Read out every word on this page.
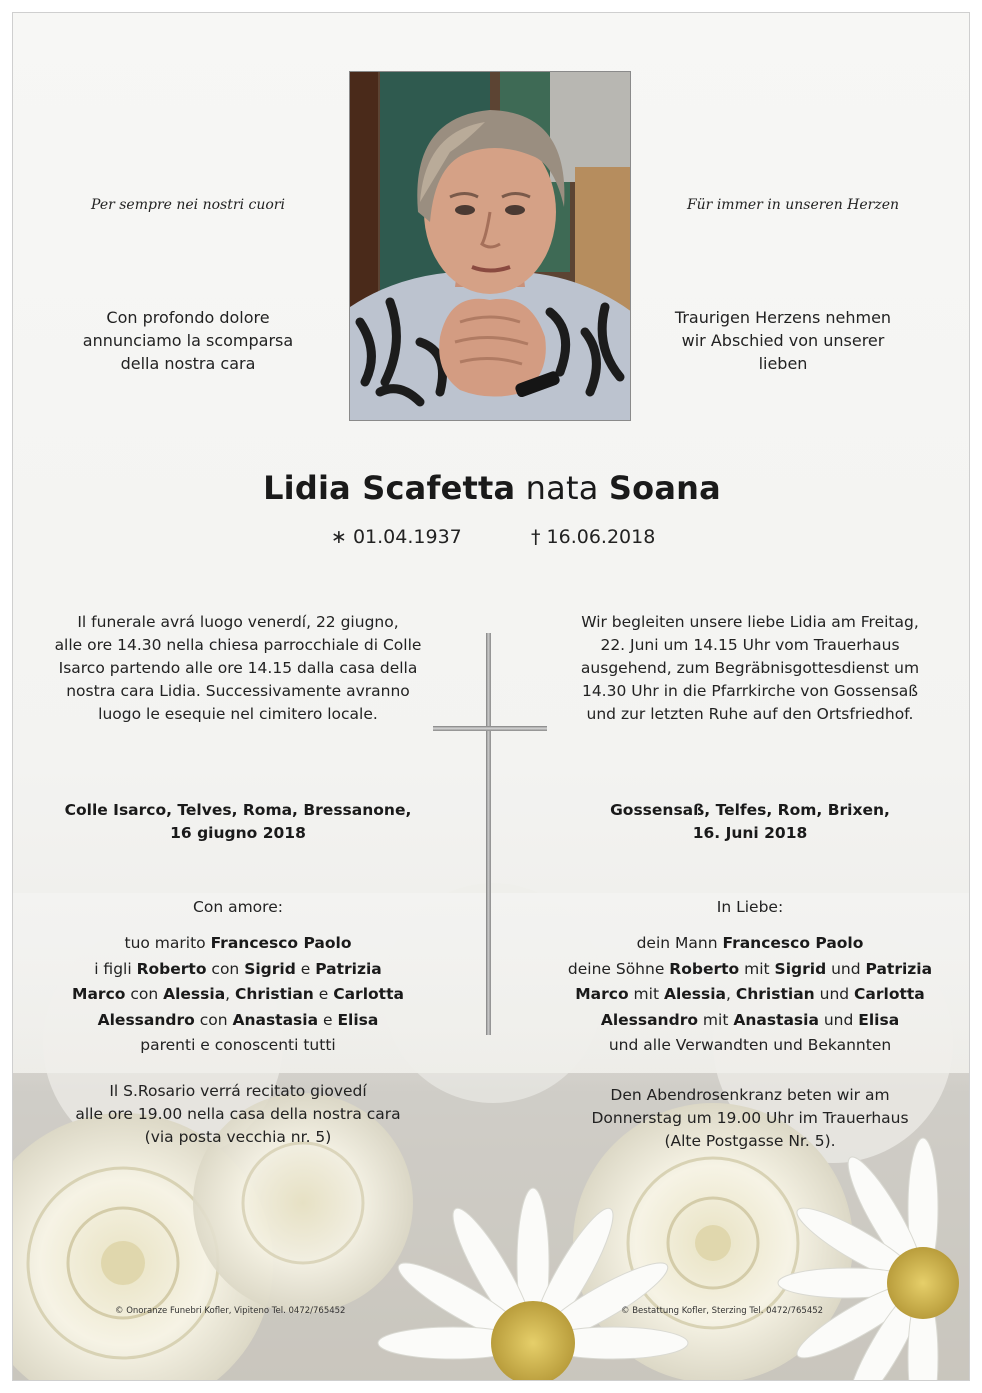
Per sempre nei nostri cuori	Für immer in unseren Herzen
Con profondo dolore
annunciamo la scomparsa
della nostra cara
Traurigen Herzens nehmen
wir Abschied von unserer
lieben
Lidia Scafetta nata Soana
∗ 01.04.1937	† 16.06.2018
Il funerale avrá luogo venerdí, 22 giugno,
alle ore 14.30 nella chiesa parrocchiale di Colle
Isarco partendo alle ore 14.15 dalla casa della
nostra cara Lidia. Successivamente avranno
luogo le esequie nel cimitero locale.
Wir begleiten unsere liebe Lidia am Freitag,
22. Juni um 14.15 Uhr vom Trauerhaus
ausgehend, zum Begräbnisgottesdienst um
14.30 Uhr in die Pfarrkirche von Gossensaß
und zur letzten Ruhe auf den Ortsfriedhof.
Colle Isarco, Telves, Roma, Bressanone,
16 giugno 2018
Gossensaß, Telfes, Rom, Brixen,
16. Juni 2018
Con amore:	In Liebe:
tuo marito Francesco Paolo
i figli Roberto con Sigrid e Patrizia
Marco con Alessia, Christian e Carlotta
Alessandro con Anastasia e Elisa
parenti e conoscenti tutti
dein Mann Francesco Paolo
deine Söhne Roberto mit Sigrid und Patrizia
Marco mit Alessia, Christian und Carlotta
Alessandro mit Anastasia und Elisa
und alle Verwandten und Bekannten
Il S.Rosario verrá recitato giovedí
alle ore 19.00 nella casa della nostra cara
(via posta vecchia nr. 5)
Den Abendrosenkranz beten wir am
Donnerstag um 19.00 Uhr im Trauerhaus
(Alte Postgasse Nr. 5).
© Onoranze Funebri Kofler, Vipiteno Tel. 0472/765452	© Bestattung Kofler, Sterzing Tel. 0472/765452
